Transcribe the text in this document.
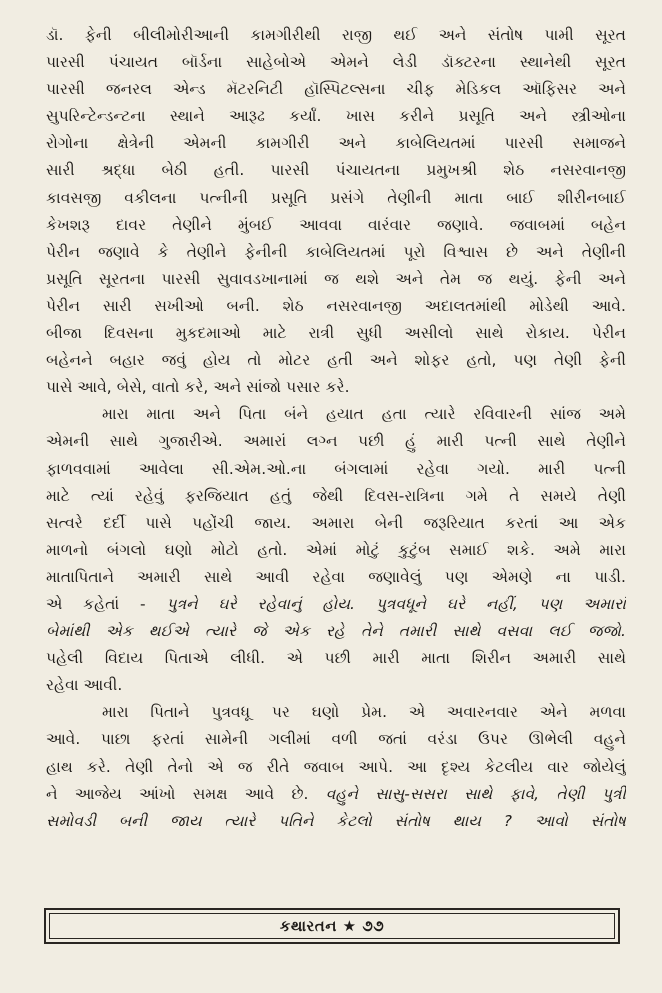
ડૉ. ફેની બીલીમોરીઆની કામગીરીથી રાજી થઈ અને સંતોષ પામી સૂરત
પારસી પંચાયત બૉર્ડના સાહેબોએ એમને લેડી ડૉક્ટરના સ્થાનેથી સૂરત
પારસી જનરલ એન્ડ મૅટરનિટી હૉસ્પિટલ્સના ચીફ મેડિકલ ઑફિસર અને
સુપરિન્ટેન્ડન્ટના સ્થાને આરૂઢ કર્યાં. ખાસ કરીને પ્રસૂતિ અને સ્ત્રીઓના
રોગોના ક્ષેત્રેની એમની કામગીરી અને કાબેલિયતમાં પારસી સમાજને
સારી શ્રદ્ધા બેઠી હતી. પારસી પંચાયતના પ્રમુખશ્રી શેઠ નસરવાનજી
કાવસજી વકીલના પત્નીની પ્રસૂતિ પ્રસંગે તેણીની માતા બાઈ શીરીનબાઈ
કેખશરૂ દાવર તેણીને મુંબઈ આવવા વારંવાર જણાવે. જવાબમાં બહેન
પેરીન જણાવે કે તેણીને ફેનીની કાબેલિયતમાં પૂરો વિશ્વાસ છે અને તેણીની
પ્રસૂતિ સૂરતના પારસી સુવાવડખાનામાં જ થશે અને તેમ જ થયું. ફેની અને
પેરીન સારી સખીઓ બની. શેઠ નસરવાનજી અદાલતમાંથી મોડેથી આવે.
બીજા દિવસના મુકદમાઓ માટે રાત્રી સુધી અસીલો સાથે રોકાય. પેરીન
બહેનને બહાર જવું હોય તો મોટર હતી અને શોફર હતો, પણ તેણી ફેની
પાસે આવે, બેસે, વાતો કરે, અને સાંજો પસાર કરે.
મારા માતા અને પિતા બંને હયાત હતા ત્યારે રવિવારની સાંજ અમે
એમની સાથે ગુજારીએ. અમારાં લગ્ન પછી હું મારી પત્ની સાથે તેણીને
ફાળવવામાં આવેલા સી.એમ.ઓ.ના બંગલામાં રહેવા ગયો. મારી પત્ની
માટે ત્યાં રહેવું ફરજિયાત હતું જેથી દિવસ-રાત્રિના ગમે તે સમયે તેણી
સત્વરે દર્દી પાસે પહોંચી જાય. અમારા બેની જરૂરિયાત કરતાં આ એક
માળનો બંગલો ઘણો મોટો હતો. એમાં મોટું કુટુંબ સમાઈ શકે. અમે મારા
માતાપિતાને અમારી સાથે આવી રહેવા જણાવેલું પણ એમણે ના પાડી.
એ કહેતાં - પુત્રને ઘરે રહેવાનું હોય. પુત્રવધૂને ઘરે નહીં, પણ અમારાં
બેમાંથી એક થઈએ ત્યારે જે એક રહે તેને તમારી સાથે વસવા લઈ જજો.
પહેલી વિદાય પિતાએ લીધી. એ પછી મારી માતા શિરીન અમારી સાથે
રહેવા આવી.
મારા પિતાને પુત્રવધૂ પર ઘણો પ્રેમ. એ અવારનવાર એને મળવા
આવે. પાછા ફરતાં સામેની ગલીમાં વળી જતાં વરંડા ઉપર ઊભેલી વહુને
હાથ કરે. તેણી તેનો એ જ રીતે જવાબ આપે. આ દૃશ્ય કેટલીય વાર જોયેલું
ને આજેય આંખો સમક્ષ આવે છે. વહુને સાસુ-સસરા સાથે ફાવે, તેણી પુત્રી
સમોવડી બની જાય ત્યારે પતિને કેટલો સંતોષ થાય ? આવો સંતોષ
કથારતન ★ ૭૭
